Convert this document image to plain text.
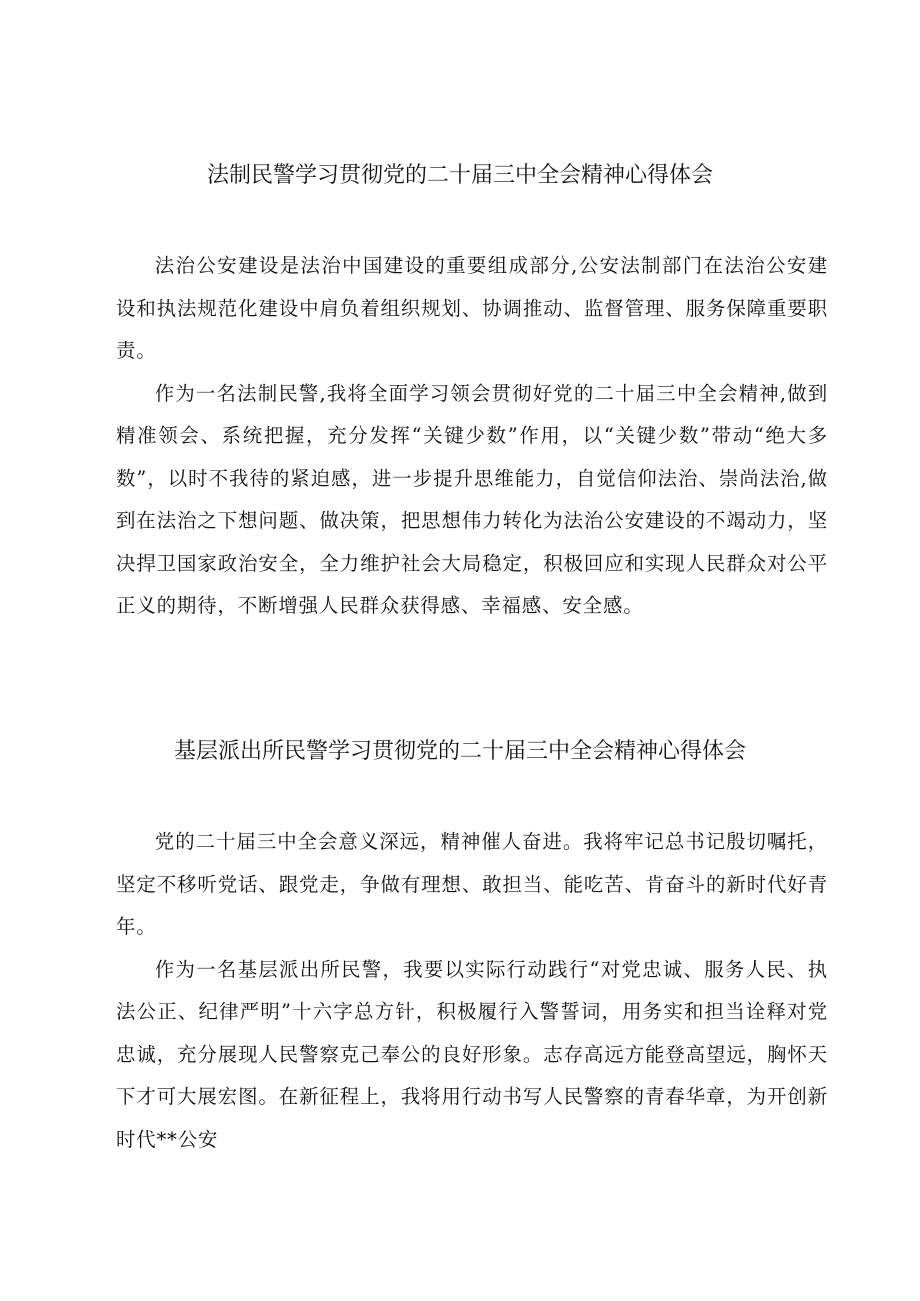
法制民警学习贯彻党的二十届三中全会精神心得体会

法治公安建设是法治中国建设的重要组成部分,公安法制部门在法治公安建设和执法规范化建设中肩负着组织规划、协调推动、监督管理、服务保障重要职责。

作为一名法制民警,我将全面学习领会贯彻好党的二十届三中全会精神,做到精准领会、系统把握，充分发挥“关键少数”作用，以“关键少数”带动“绝大多数”，以时不我待的紧迫感，进一步提升思维能力，自觉信仰法治、崇尚法治,做到在法治之下想问题、做决策，把思想伟力转化为法治公安建设的不竭动力，坚决捍卫国家政治安全，全力维护社会大局稳定，积极回应和实现人民群众对公平正义的期待，不断增强人民群众获得感、幸福感、安全感。

基层派出所民警学习贯彻党的二十届三中全会精神心得体会

党的二十届三中全会意义深远，精神催人奋进。我将牢记总书记殷切嘱托，坚定不移听党话、跟党走，争做有理想、敢担当、能吃苦、肯奋斗的新时代好青年。

作为一名基层派出所民警，我要以实际行动践行“对党忠诚、服务人民、执法公正、纪律严明”十六字总方针，积极履行入警誓词，用务实和担当诠释对党忠诚，充分展现人民警察克己奉公的良好形象。志存高远方能登高望远，胸怀天下才可大展宏图。在新征程上，我将用行动书写人民警察的青春华章，为开创新时代**公安
